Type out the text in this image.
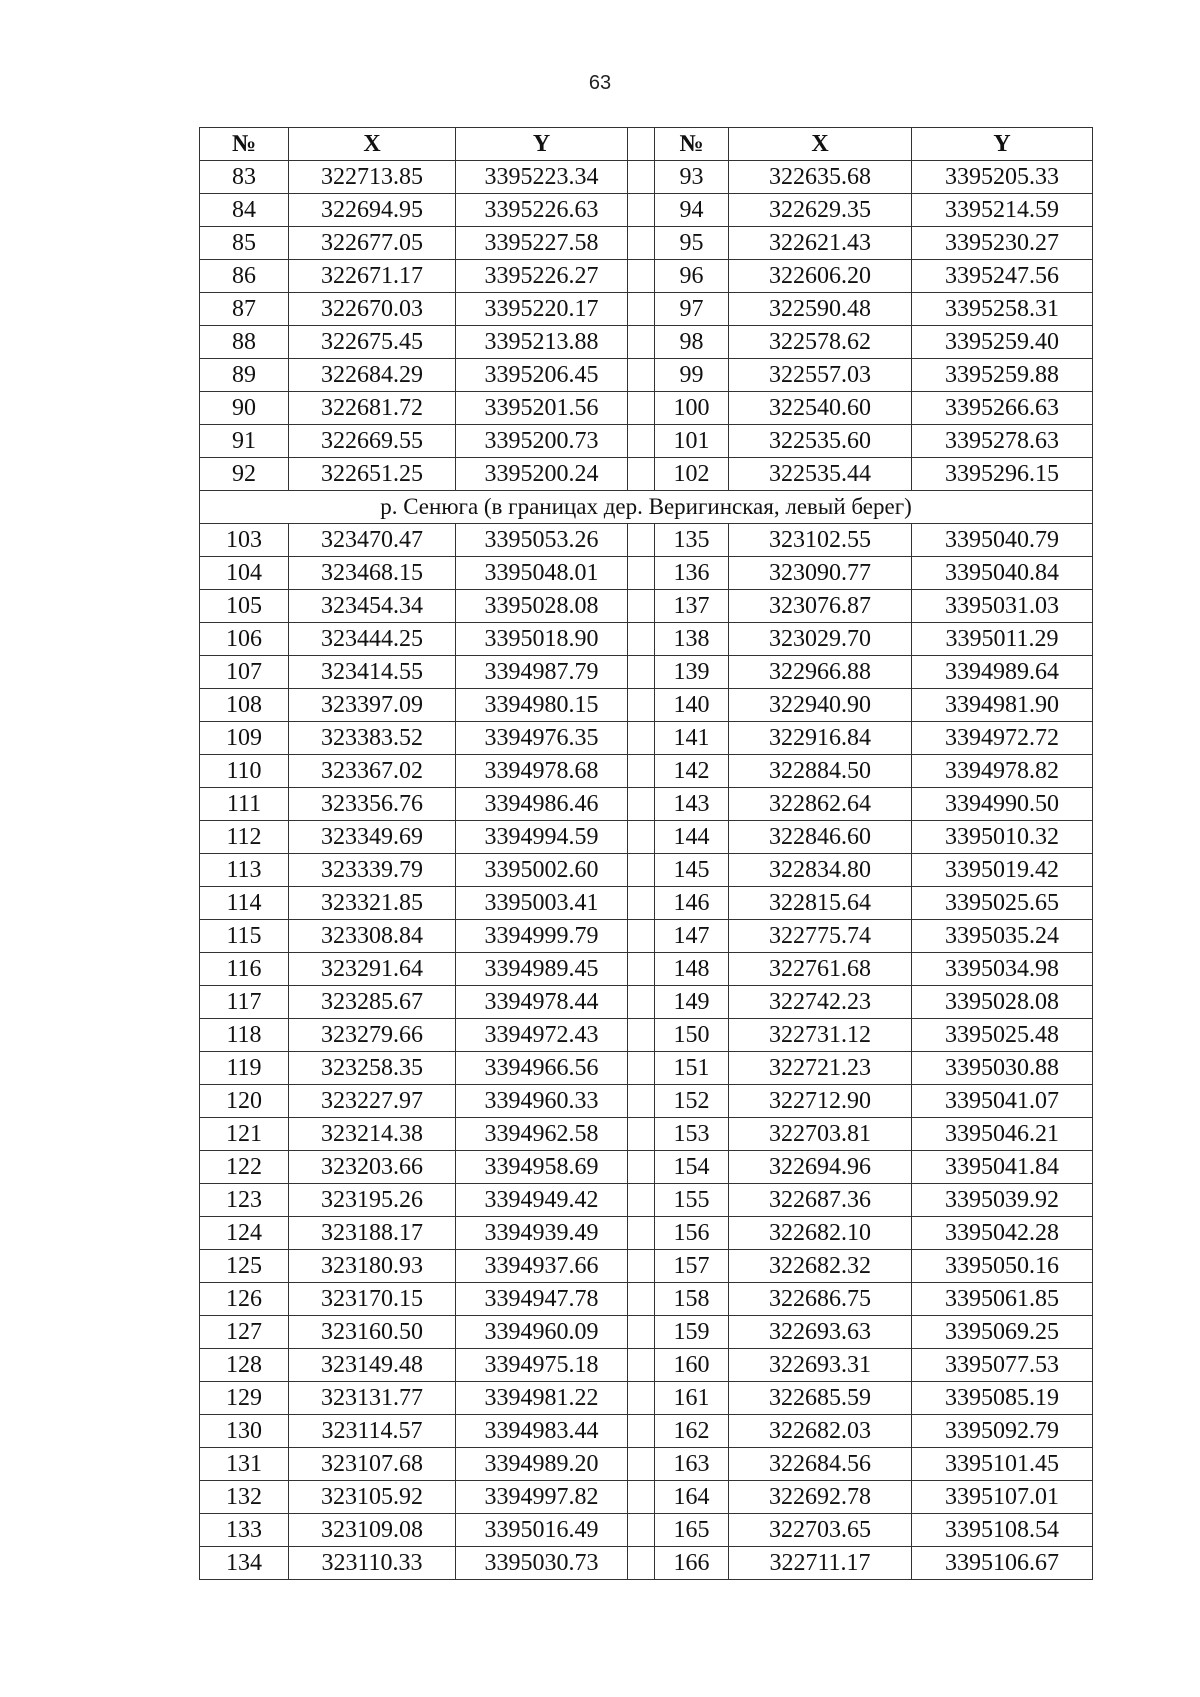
63
№	X	Y		№	X	Y
83	322713.85	3395223.34		93	322635.68	3395205.33
84	322694.95	3395226.63		94	322629.35	3395214.59
85	322677.05	3395227.58		95	322621.43	3395230.27
86	322671.17	3395226.27		96	322606.20	3395247.56
87	322670.03	3395220.17		97	322590.48	3395258.31
88	322675.45	3395213.88		98	322578.62	3395259.40
89	322684.29	3395206.45		99	322557.03	3395259.88
90	322681.72	3395201.56		100	322540.60	3395266.63
91	322669.55	3395200.73		101	322535.60	3395278.63
92	322651.25	3395200.24		102	322535.44	3395296.15
р. Сенюга (в границах дер. Веригинская, левый берег)						
103	323470.47	3395053.26		135	323102.55	3395040.79
104	323468.15	3395048.01		136	323090.77	3395040.84
105	323454.34	3395028.08		137	323076.87	3395031.03
106	323444.25	3395018.90		138	323029.70	3395011.29
107	323414.55	3394987.79		139	322966.88	3394989.64
108	323397.09	3394980.15		140	322940.90	3394981.90
109	323383.52	3394976.35		141	322916.84	3394972.72
110	323367.02	3394978.68		142	322884.50	3394978.82
111	323356.76	3394986.46		143	322862.64	3394990.50
112	323349.69	3394994.59		144	322846.60	3395010.32
113	323339.79	3395002.60		145	322834.80	3395019.42
114	323321.85	3395003.41		146	322815.64	3395025.65
115	323308.84	3394999.79		147	322775.74	3395035.24
116	323291.64	3394989.45		148	322761.68	3395034.98
117	323285.67	3394978.44		149	322742.23	3395028.08
118	323279.66	3394972.43		150	322731.12	3395025.48
119	323258.35	3394966.56		151	322721.23	3395030.88
120	323227.97	3394960.33		152	322712.90	3395041.07
121	323214.38	3394962.58		153	322703.81	3395046.21
122	323203.66	3394958.69		154	322694.96	3395041.84
123	323195.26	3394949.42		155	322687.36	3395039.92
124	323188.17	3394939.49		156	322682.10	3395042.28
125	323180.93	3394937.66		157	322682.32	3395050.16
126	323170.15	3394947.78		158	322686.75	3395061.85
127	323160.50	3394960.09		159	322693.63	3395069.25
128	323149.48	3394975.18		160	322693.31	3395077.53
129	323131.77	3394981.22		161	322685.59	3395085.19
130	323114.57	3394983.44		162	322682.03	3395092.79
131	323107.68	3394989.20		163	322684.56	3395101.45
132	323105.92	3394997.82		164	322692.78	3395107.01
133	323109.08	3395016.49		165	322703.65	3395108.54
134	323110.33	3395030.73		166	322711.17	3395106.67
